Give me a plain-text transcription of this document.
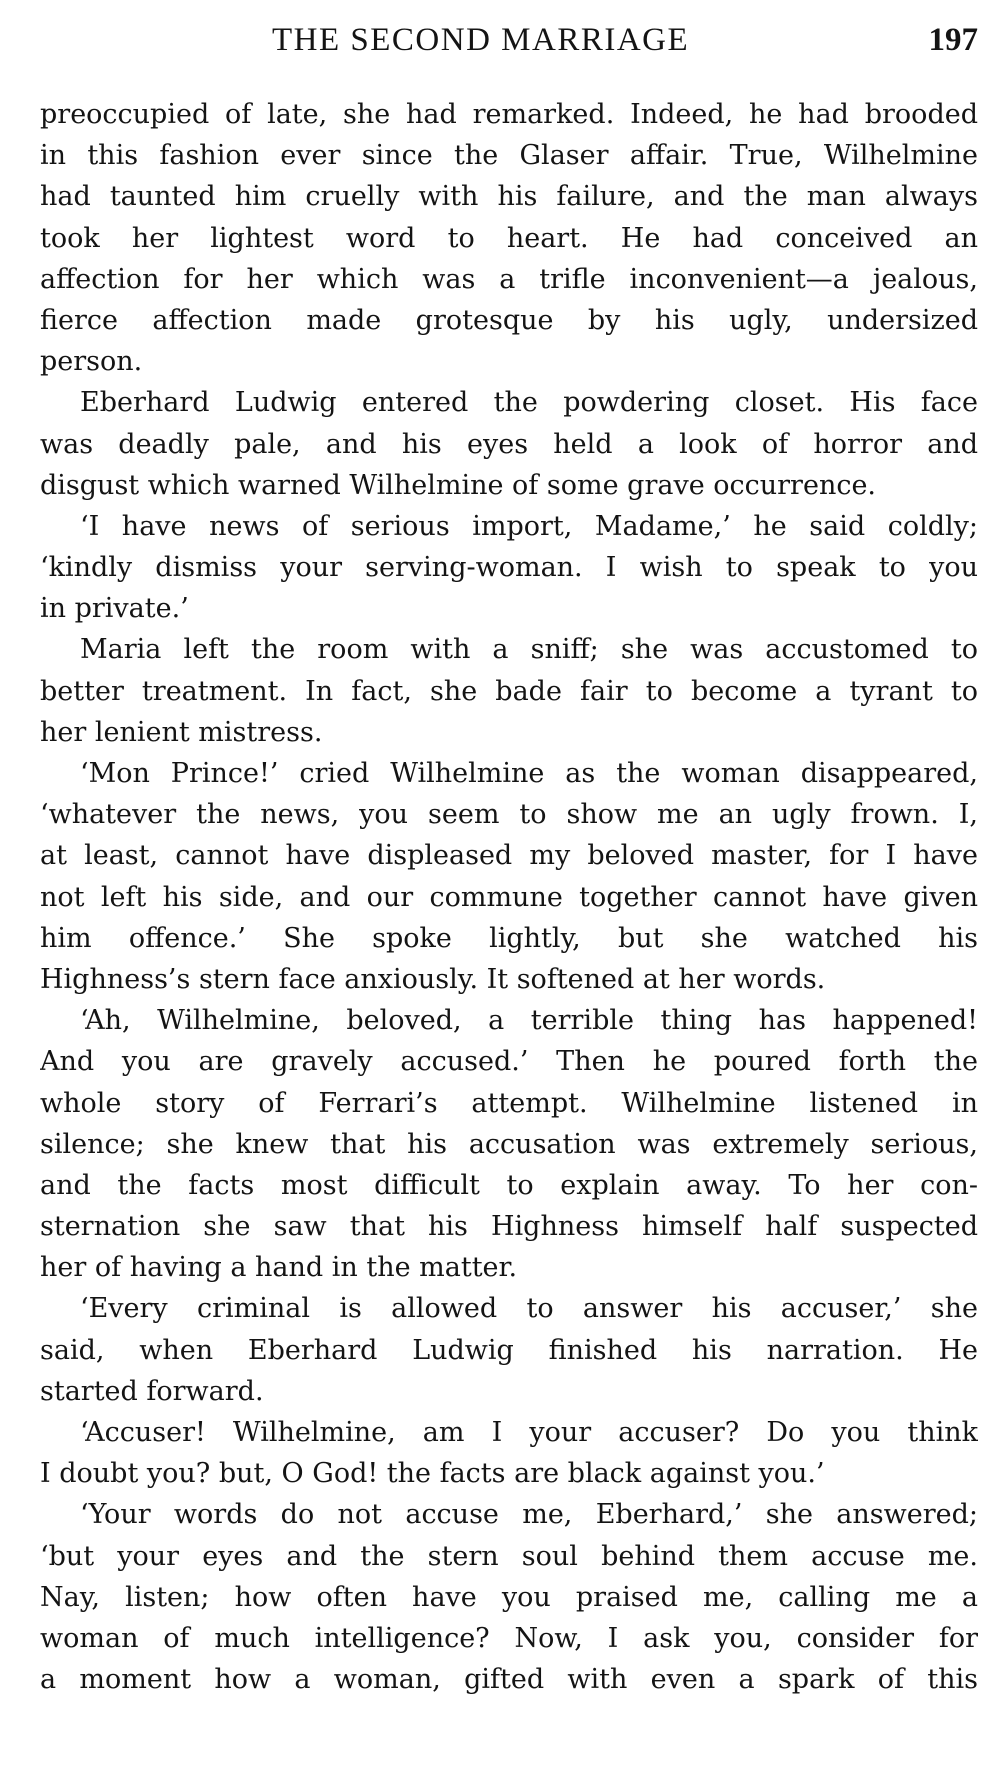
THE SECOND MARRIAGE	197
preoccupied of late, she had remarked. Indeed, he had brooded
in this fashion ever since the Glaser affair. True, Wilhelmine
had taunted him cruelly with his failure, and the man always
took her lightest word to heart. He had conceived an
affection for her which was a trifle inconvenient—a jealous,
fierce affection made grotesque by his ugly, undersized
person.
Eberhard Ludwig entered the powdering closet. His face
was deadly pale, and his eyes held a look of horror and
disgust which warned Wilhelmine of some grave occurrence.
‘I have news of serious import, Madame,’ he said coldly;
‘kindly dismiss your serving-woman. I wish to speak to you
in private.’
Maria left the room with a sniff; she was accustomed to
better treatment. In fact, she bade fair to become a tyrant to
her lenient mistress.
‘Mon Prince!’ cried Wilhelmine as the woman disappeared,
‘whatever the news, you seem to show me an ugly frown. I,
at least, cannot have displeased my beloved master, for I have
not left his side, and our commune together cannot have given
him offence.’ She spoke lightly, but she watched his
Highness’s stern face anxiously. It softened at her words.
‘Ah, Wilhelmine, beloved, a terrible thing has happened!
And you are gravely accused.’ Then he poured forth the
whole story of Ferrari’s attempt. Wilhelmine listened in
silence; she knew that his accusation was extremely serious,
and the facts most difficult to explain away. To her con-
sternation she saw that his Highness himself half suspected
her of having a hand in the matter.
‘Every criminal is allowed to answer his accuser,’ she
said, when Eberhard Ludwig finished his narration. He
started forward.
‘Accuser! Wilhelmine, am I your accuser? Do you think
I doubt you? but, O God! the facts are black against you.’
‘Your words do not accuse me, Eberhard,’ she answered;
‘but your eyes and the stern soul behind them accuse me.
Nay, listen; how often have you praised me, calling me a
woman of much intelligence? Now, I ask you, consider for
a moment how a woman, gifted with even a spark of this
